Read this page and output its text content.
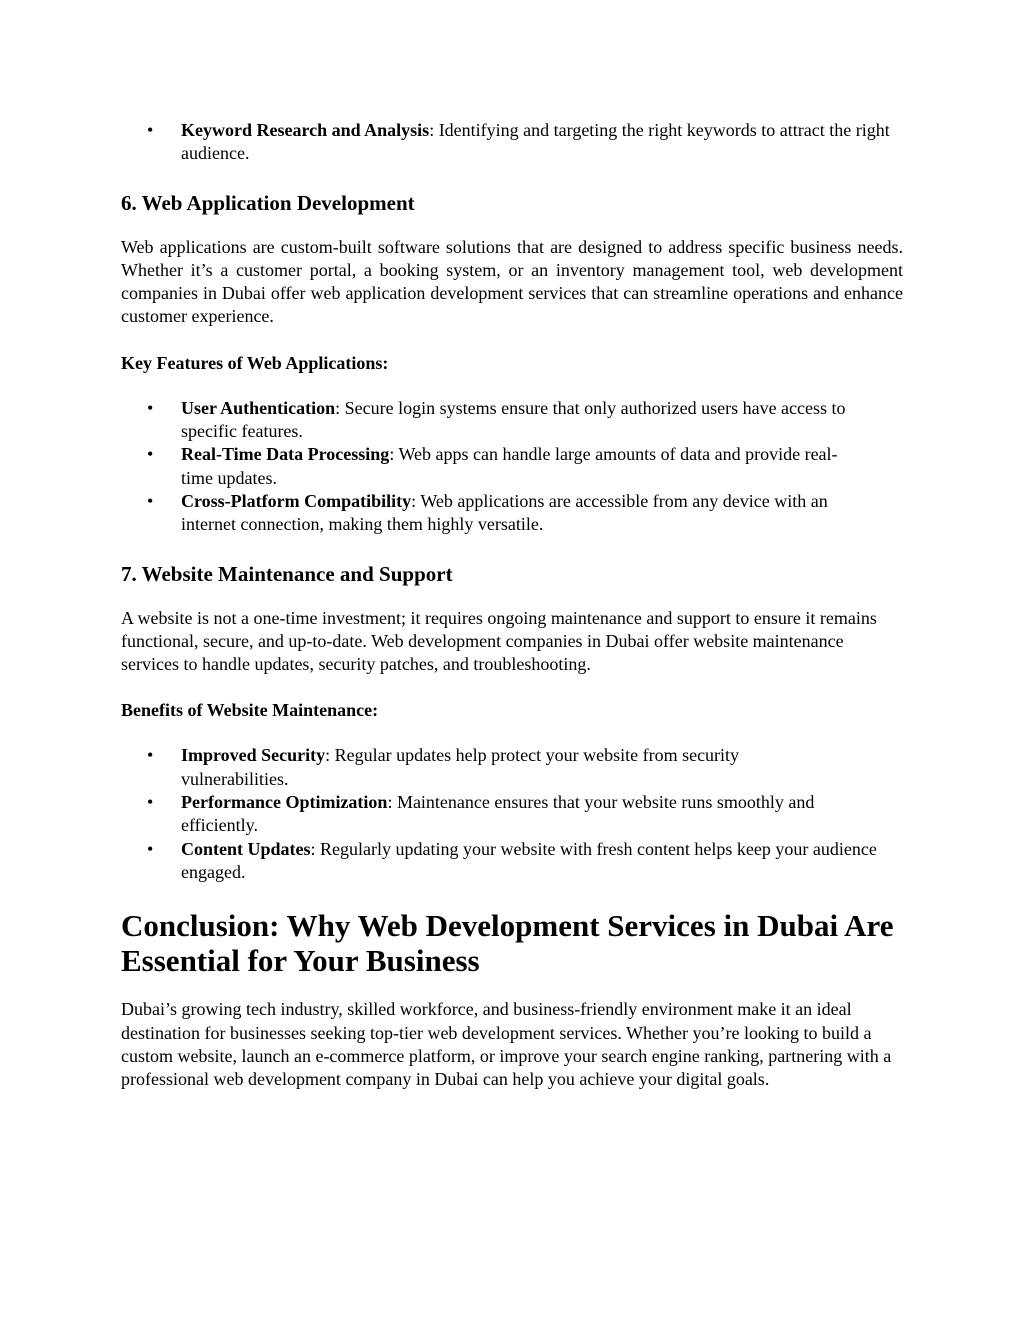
• Keyword Research and Analysis: Identifying and targeting the right keywords to attract the right audience.
6. Web Application Development

Web applications are custom-built software solutions that are designed to address specific business needs. Whether it’s a customer portal, a booking system, or an inventory management tool, web development companies in Dubai offer web application development services that can streamline operations and enhance customer experience.

Key Features of Web Applications:
• User Authentication: Secure login systems ensure that only authorized users have access to specific features.
• Real-Time Data Processing: Web apps can handle large amounts of data and provide real-time updates.
• Cross-Platform Compatibility: Web applications are accessible from any device with an internet connection, making them highly versatile.
7. Website Maintenance and Support

A website is not a one-time investment; it requires ongoing maintenance and support to ensure it remains functional, secure, and up-to-date. Web development companies in Dubai offer website maintenance services to handle updates, security patches, and troubleshooting.

Benefits of Website Maintenance:
• Improved Security: Regular updates help protect your website from security vulnerabilities.
• Performance Optimization: Maintenance ensures that your website runs smoothly and efficiently.
• Content Updates: Regularly updating your website with fresh content helps keep your audience engaged.
Conclusion: Why Web Development Services in Dubai Are Essential for Your Business

Dubai’s growing tech industry, skilled workforce, and business-friendly environment make it an ideal destination for businesses seeking top-tier web development services. Whether you’re looking to build a custom website, launch an e-commerce platform, or improve your search engine ranking, partnering with a professional web development company in Dubai can help you achieve your digital goals.
